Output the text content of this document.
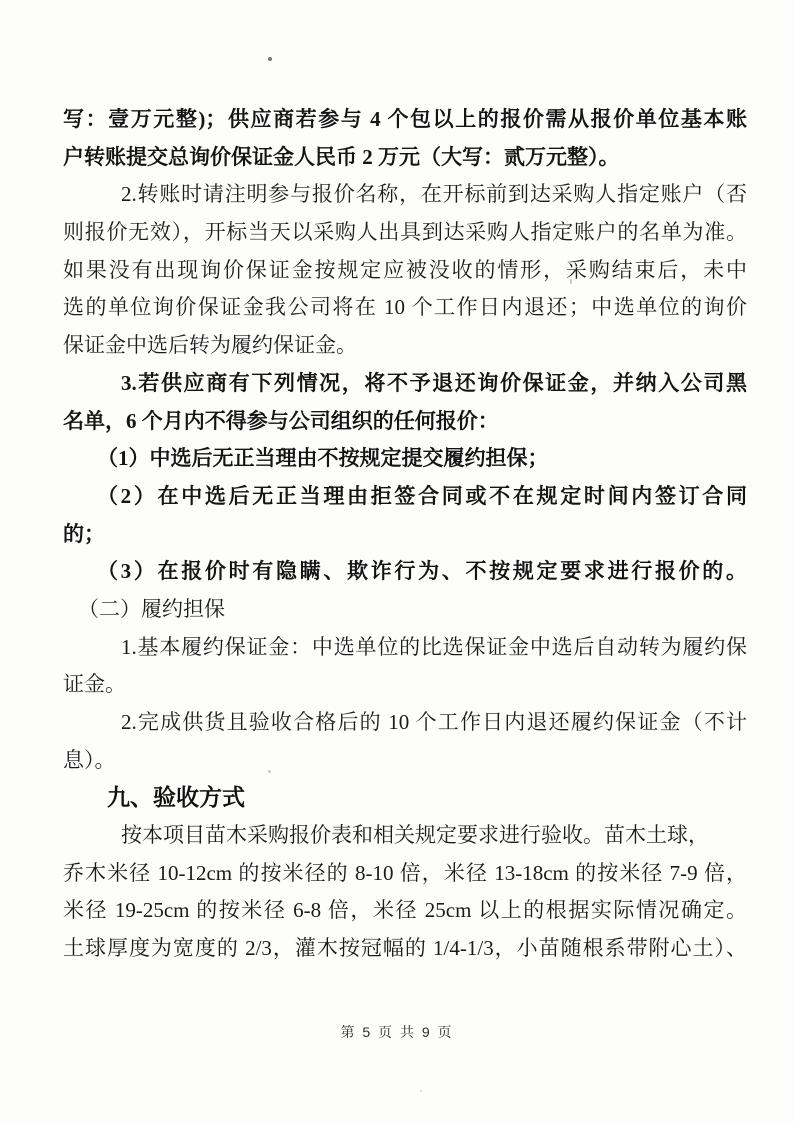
写：壹万元整)；供应商若参与 4 个包以上的报价需从报价单位基本账
户转账提交总询价保证金人民币 2 万元（大写：贰万元整）。
2.转账时请注明参与报价名称，在开标前到达采购人指定账户（否
则报价无效），开标当天以采购人出具到达采购人指定账户的名单为准。
如果没有出现询价保证金按规定应被没收的情形，采购结束后，未中
选的单位询价保证金我公司将在 10 个工作日内退还；中选单位的询价
保证金中选后转为履约保证金。
3.若供应商有下列情况，将不予退还询价保证金，并纳入公司黑
名单，6 个月内不得参与公司组织的任何报价：
（1）中选后无正当理由不按规定提交履约担保；
（2）在中选后无正当理由拒签合同或不在规定时间内签订合同
的；
（3）在报价时有隐瞒、欺诈行为、不按规定要求进行报价的。
（二）履约担保
1.基本履约保证金：中选单位的比选保证金中选后自动转为履约保
证金。
2.完成供货且验收合格后的 10 个工作日内退还履约保证金（不计
息）。
九、验收方式
按本项目苗木采购报价表和相关规定要求进行验收。苗木土球，
乔木米径 10-12cm 的按米径的 8-10 倍，米径 13-18cm 的按米径 7-9 倍，
米径 19-25cm 的按米径 6-8 倍，米径 25cm 以上的根据实际情况确定。
土球厚度为宽度的 2/3，灌木按冠幅的 1/4-1/3，小苗随根系带附心土）、
第 5 页 共 9 页
